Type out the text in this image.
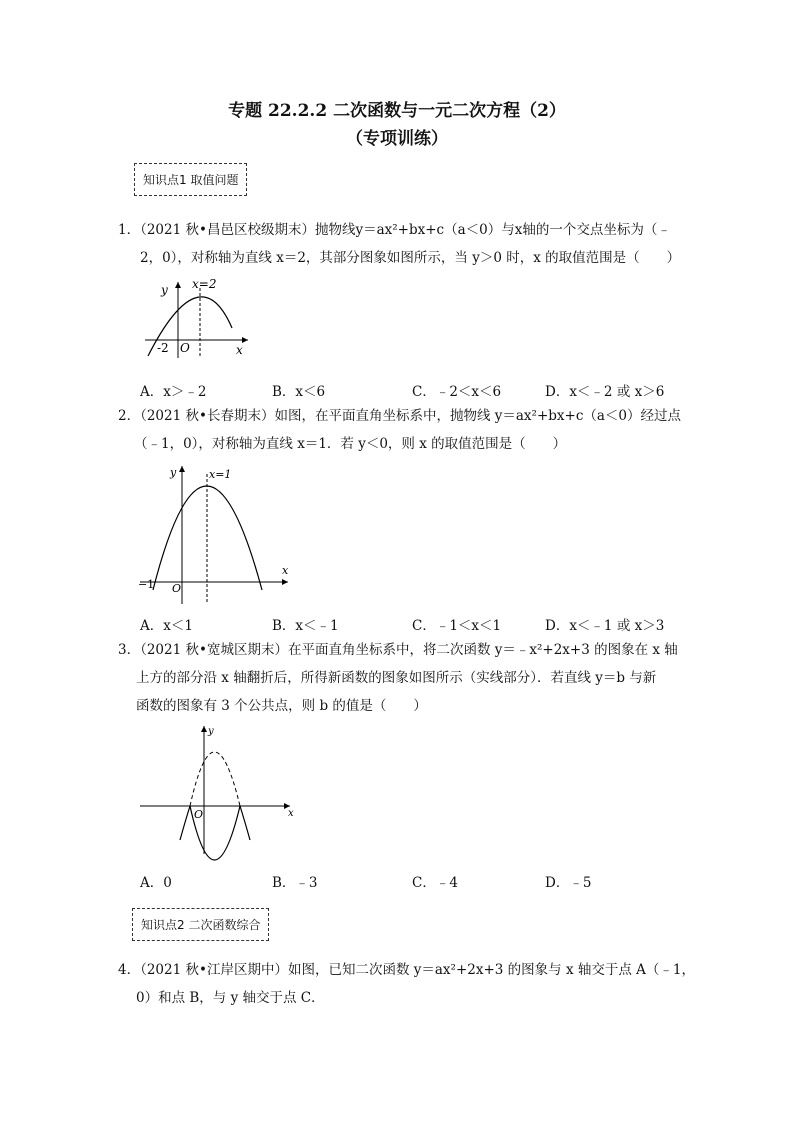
专题 22.2.2 二次函数与一元二次方程（2）
（专项训练）
知识点1 取值问题
1．（2021 秋•昌邑区校级期末）抛物线y＝ax²+bx+c（a＜0）与x轴的一个交点坐标为（﹣
2，0），对称轴为直线 x＝2，其部分图象如图所示，当 y＞0 时，x 的取值范围是（　　）
y x=2
x
-2 O
A．x＞﹣2	B．x＜6	C．﹣2＜x＜6	D．x＜﹣2 或 x＞6
2．（2021 秋•长春期末）如图，在平面直角坐标系中，抛物线 y＝ax²+bx+c（a＜0）经过点
（﹣1，0），对称轴为直线 x＝1．若 y＜0，则 x 的取值范围是（　　）
y	x=1
x
−1 O
A．x＜1	B．x＜﹣1	C．﹣1＜x＜1	D．x＜﹣1 或 x＞3
3．（2021 秋•宽城区期末）在平面直角坐标系中，将二次函数 y＝﹣x²+2x+3 的图象在 x 轴
上方的部分沿 x 轴翻折后，所得新函数的图象如图所示（实线部分）．若直线 y＝b 与新
函数的图象有 3 个公共点，则 b 的值是（　　）
y
x
O
A．0	B．﹣3	C．﹣4	D．﹣5
知识点2 二次函数综合
4．（2021 秋•江岸区期中）如图，已知二次函数 y＝ax²+2x+3 的图象与 x 轴交于点 A（﹣1，
0）和点 B，与 y 轴交于点 C．
